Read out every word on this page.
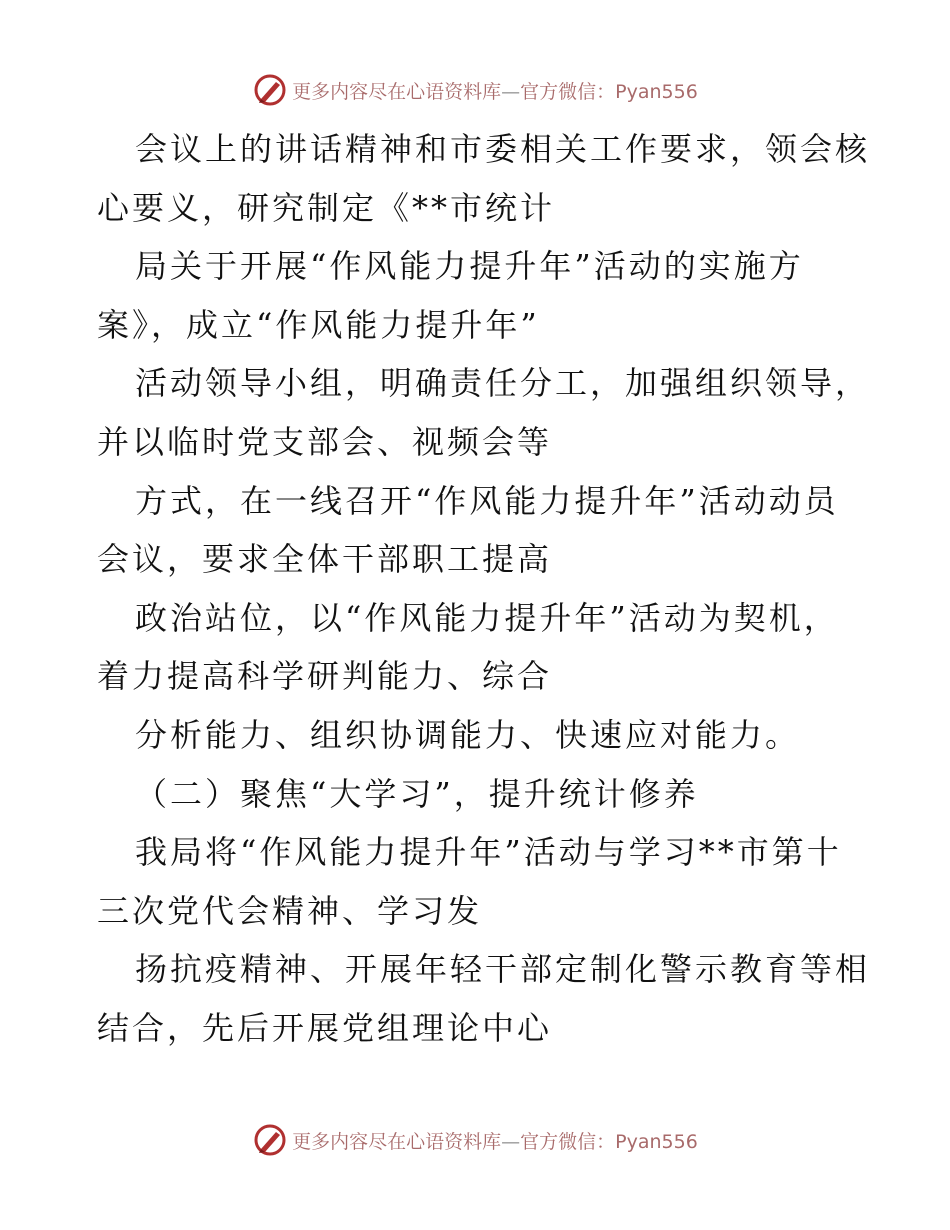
更多内容尽在心语资料库—官方微信：Pyan556
会议上的讲话精神和市委相关工作要求，领会核
心要义，研究制定《**市统计
局关于开展“作风能力提升年”活动的实施方
案》，成立“作风能力提升年”
活动领导小组，明确责任分工，加强组织领导，
并以临时党支部会、视频会等
方式，在一线召开“作风能力提升年”活动动员
会议，要求全体干部职工提高
政治站位，以“作风能力提升年”活动为契机，
着力提高科学研判能力、综合
分析能力、组织协调能力、快速应对能力。
（二）聚焦“大学习”，提升统计修养
我局将“作风能力提升年”活动与学习**市第十
三次党代会精神、学习发
扬抗疫精神、开展年轻干部定制化警示教育等相
结合，先后开展党组理论中心
更多内容尽在心语资料库—官方微信：Pyan556
